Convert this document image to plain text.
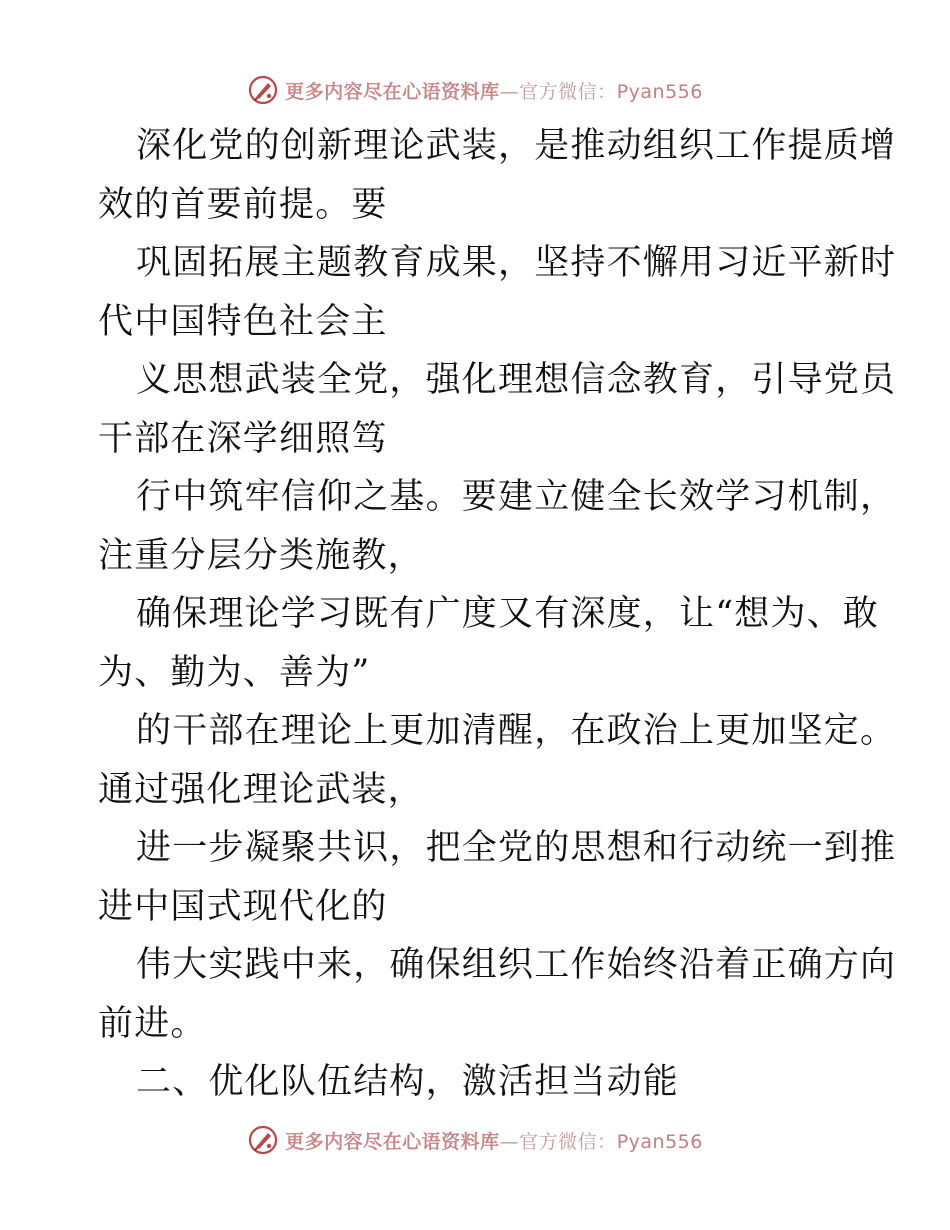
更多内容尽在心语资料库—官方微信：Pyan556
深化党的创新理论武装，是推动组织工作提质增
效的首要前提。要
巩固拓展主题教育成果，坚持不懈用习近平新时
代中国特色社会主
义思想武装全党，强化理想信念教育，引导党员
干部在深学细照笃
行中筑牢信仰之基。要建立健全长效学习机制，
注重分层分类施教，
确保理论学习既有广度又有深度，让“想为、敢
为、勤为、善为”
的干部在理论上更加清醒，在政治上更加坚定。
通过强化理论武装，
进一步凝聚共识，把全党的思想和行动统一到推
进中国式现代化的
伟大实践中来，确保组织工作始终沿着正确方向
前进。
二、优化队伍结构，激活担当动能
更多内容尽在心语资料库—官方微信：Pyan556
